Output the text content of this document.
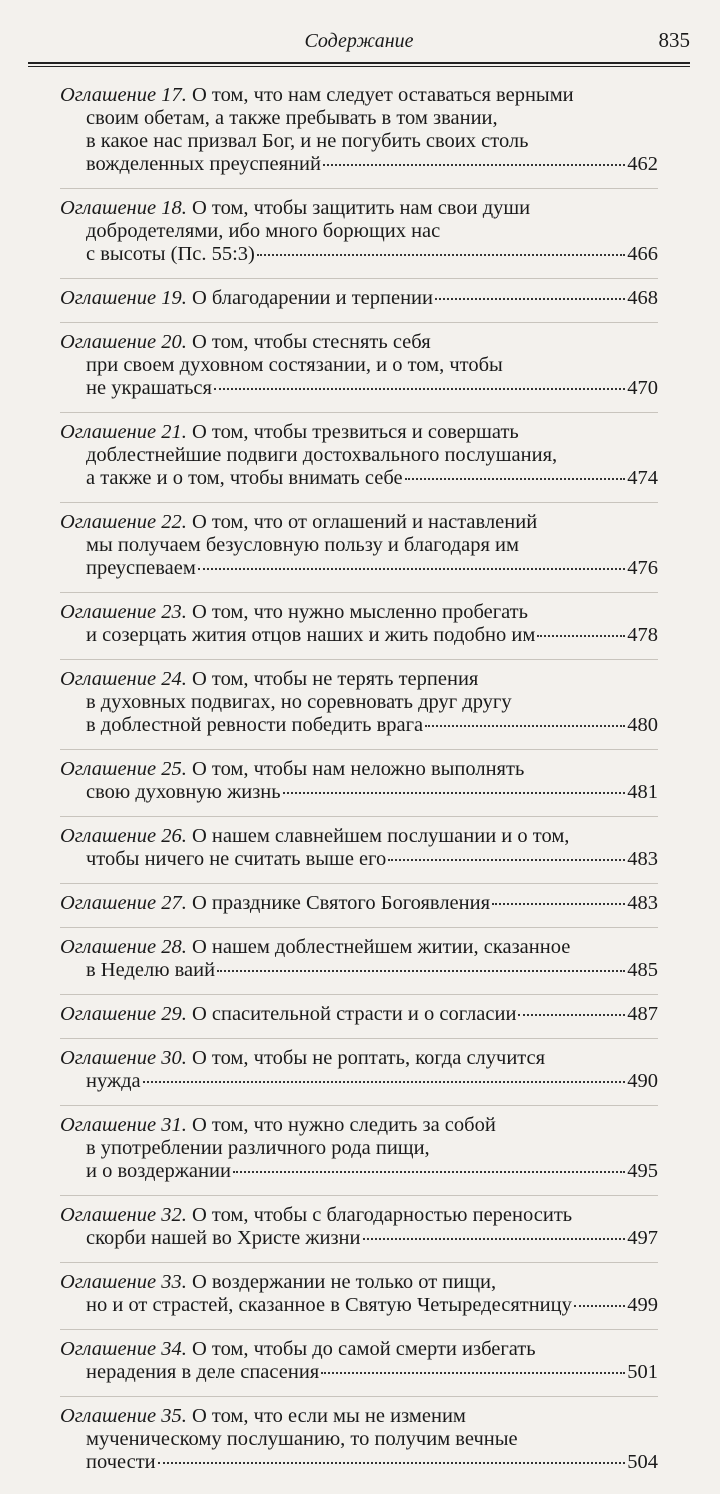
Содержание	835
Оглашение 17. О том, что нам следует оставаться верными
своим обетам, а также пребывать в том звании,
в какое нас призвал Бог, и не погубить своих столь
вожделенных преуспеяний	462
Оглашение 18. О том, чтобы защитить нам свои души
добродетелями, ибо много борющих нас
с высоты (Пс. 55:3)	466
Оглашение 19. О благодарении и терпении	468
Оглашение 20. О том, чтобы стеснять себя
при своем духовном состязании, и о том, чтобы
не украшаться	470
Оглашение 21. О том, чтобы трезвиться и совершать
доблестнейшие подвиги достохвального послушания,
а также и о том, чтобы внимать себе	474
Оглашение 22. О том, что от оглашений и наставлений
мы получаем безусловную пользу и благодаря им
преуспеваем	476
Оглашение 23. О том, что нужно мысленно пробегать
и созерцать жития отцов наших и жить подобно им	478
Оглашение 24. О том, чтобы не терять терпения
в духовных подвигах, но соревновать друг другу
в доблестной ревности победить врага	480
Оглашение 25. О том, чтобы нам неложно выполнять
свою духовную жизнь	481
Оглашение 26. О нашем славнейшем послушании и о том,
чтобы ничего не считать выше его	483
Оглашение 27. О празднике Святого Богоявления	483
Оглашение 28. О нашем доблестнейшем житии, сказанное
в Неделю ваий	485
Оглашение 29. О спасительной страсти и о согласии	487
Оглашение 30. О том, чтобы не роптать, когда случится
нужда	490
Оглашение 31. О том, что нужно следить за собой
в употреблении различного рода пищи,
и о воздержании	495
Оглашение 32. О том, чтобы с благодарностью переносить
скорби нашей во Христе жизни	497
Оглашение 33. О воздержании не только от пищи,
но и от страстей, сказанное в Святую Четыредесятницу	499
Оглашение 34. О том, чтобы до самой смерти избегать
нерадения в деле спасения	501
Оглашение 35. О том, что если мы не изменим
мученическому послушанию, то получим вечные
почести	504
